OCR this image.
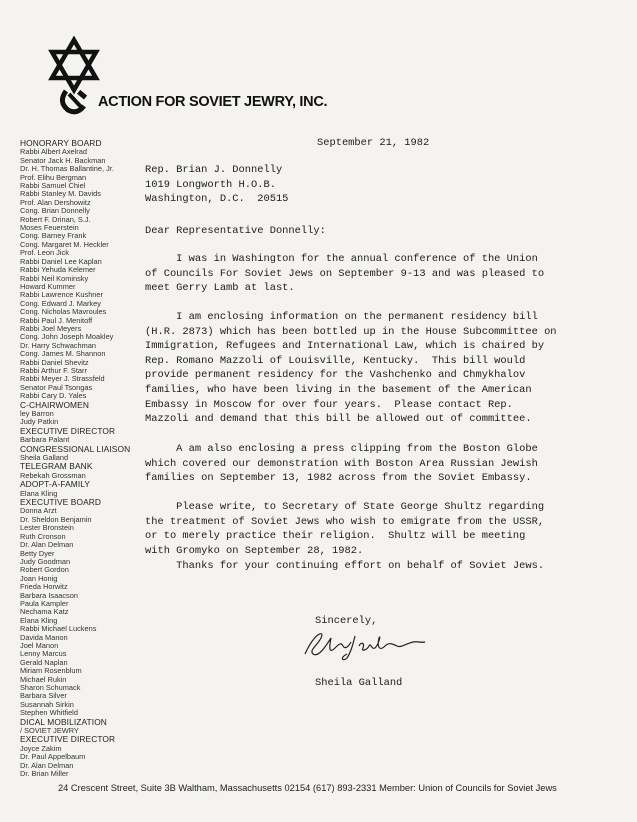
ACTION FOR SOVIET JEWRY, INC.
HONORARY BOARD
Rabbi Albert Axelrad
Senator Jack H. Backman
Dr. H. Thomas Ballantine, Jr.
Prof. Elihu Bergman
Rabbi Samuel Chiel
Rabbi Stanley M. Davids
Prof. Alan Dershowitz
Cong. Brian Donnelly
Robert F. Drinan, S.J.
Moses Feuerstein
Cong. Barney Frank
Cong. Margaret M. Heckler
Prof. Leon Jick
Rabbi Daniel Lee Kaplan
Rabbi Yehuda Kelemer
Rabbi Neil Kominsky
Howard Kummer
Rabbi Lawrence Kushner
Cong. Edward J. Markey
Cong. Nicholas Mavroules
Rabbi Paul J. Menitoff
Rabbi Joel Meyers
Cong. John Joseph Moakley
Dr. Harry Schwachman
Cong. James M. Shannon
Rabbi Daniel Shevitz
Rabbi Arthur F. Starr
Rabbi Meyer J. Strassfeld
Senator Paul Tsongas
Rabbi Cary D. Yales
C-CHAIRWOMEN
ley Barron
Judy Patkin
EXECUTIVE DIRECTOR
Barbara Palant
CONGRESSIONAL LIAISON
Sheila Galland
TELEGRAM BANK
Rebekah Grossman
ADOPT-A-FAMILY
Elana Kling
EXECUTIVE BOARD
Donna Arzt
Dr. Sheldon Benjamin
Lester Bronstein
Ruth Cronson
Dr. Alan Delman
Betty Dyer
Judy Goodman
Robert Gordon
Joan Honig
Frieda Horwitz
Barbara Isaacson
Paula Kampler
Nechama Katz
Elana Kling
Rabbi Michael Luckens
Davida Manon
Joel Manon
Lenny Marcus
Gerald Naplan
Miriam Rosenblum
Michael Rukin
Sharon Schumack
Barbara Silver
Susannah Sirkin
Stephen Whitfield
DICAL MOBILIZATION
/ SOVIET JEWRY
EXECUTIVE DIRECTOR
Joyce Zakim
Dr. Paul Appelbaum
Dr. Alan Delman
Dr. Brian Miller
September 21, 1982
Rep. Brian J. Donnelly
1019 Longworth H.O.B.
Washington, D.C.  20515
Dear Representative Donnelly:
I was in Washington for the annual conference of the Union
of Councils For Soviet Jews on September 9-13 and was pleased to
meet Gerry Lamb at last.
I am enclosing information on the permanent residency bill
(H.R. 2873) which has been bottled up in the House Subcommittee on
Immigration, Refugees and International Law, which is chaired by
Rep. Romano Mazzoli of Louisville, Kentucky.  This bill would
provide permanent residency for the Vashchenko and Chmykhalov
families, who have been living in the basement of the American
Embassy in Moscow for over four years.  Please contact Rep.
Mazzoli and demand that this bill be allowed out of committee.
A am also enclosing a press clipping from the Boston Globe
which covered our demonstration with Boston Area Russian Jewish
families on September 13, 1982 across from the Soviet Embassy.
Please write, to Secretary of State George Shultz regarding
the treatment of Soviet Jews who wish to emigrate from the USSR,
or to merely practice their religion.  Shultz will be meeting
with Gromyko on September 28, 1982.
Thanks for your continuing effort on behalf of Soviet Jews.
Sincerely,
Sheila Galland
24 Crescent Street, Suite 3B Waltham, Massachusetts 02154 (617) 893-2331 Member: Union of Councils for Soviet Jews
